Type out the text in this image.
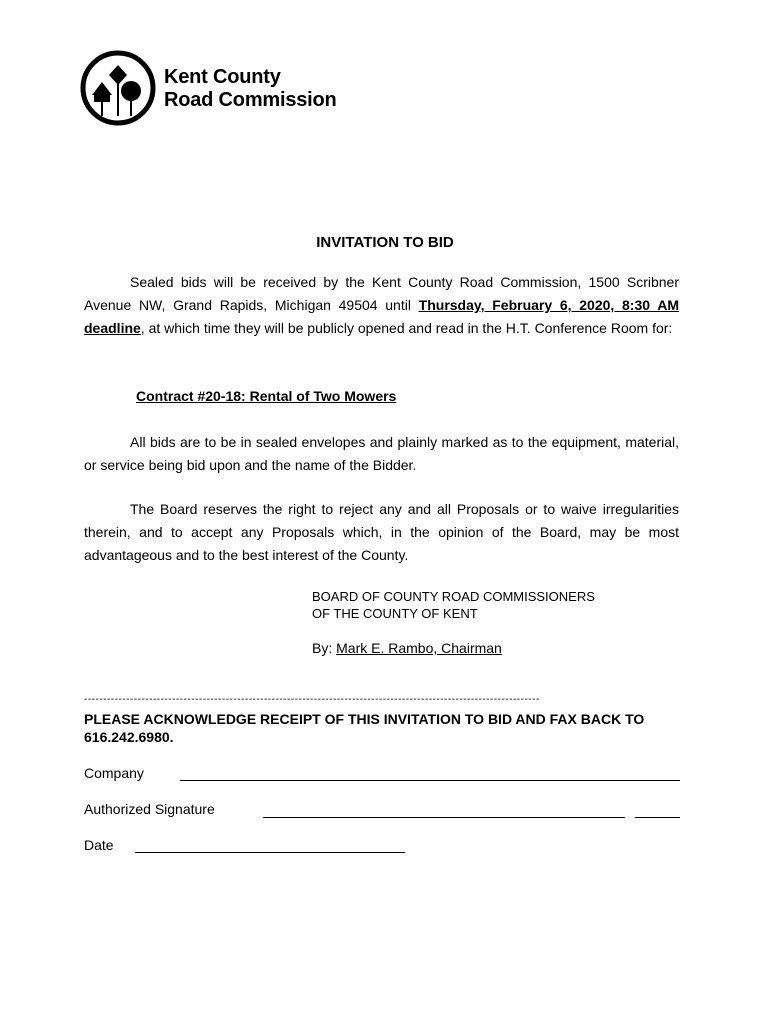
Kent County
Road Commission
INVITATION TO BID
Sealed bids will be received by the Kent County Road Commission, 1500 Scribner Avenue NW, Grand Rapids, Michigan 49504 until Thursday, February 6, 2020, 8:30 AM deadline, at which time they will be publicly opened and read in the H.T. Conference Room for:
Contract #20-18: Rental of Two Mowers
All bids are to be in sealed envelopes and plainly marked as to the equipment, material, or service being bid upon and the name of the Bidder.
The Board reserves the right to reject any and all Proposals or to waive irregularities therein, and to accept any Proposals which, in the opinion of the Board, may be most advantageous and to the best interest of the County.
BOARD OF COUNTY ROAD COMMISSIONERS
OF THE COUNTY OF KENT
By: Mark E. Rambo, Chairman
-----------------------------------------------------------------------------------------------------------------------
PLEASE ACKNOWLEDGE RECEIPT OF THIS INVITATION TO BID AND FAX BACK TO 616.242.6980.
Company
Authorized Signature
Date
